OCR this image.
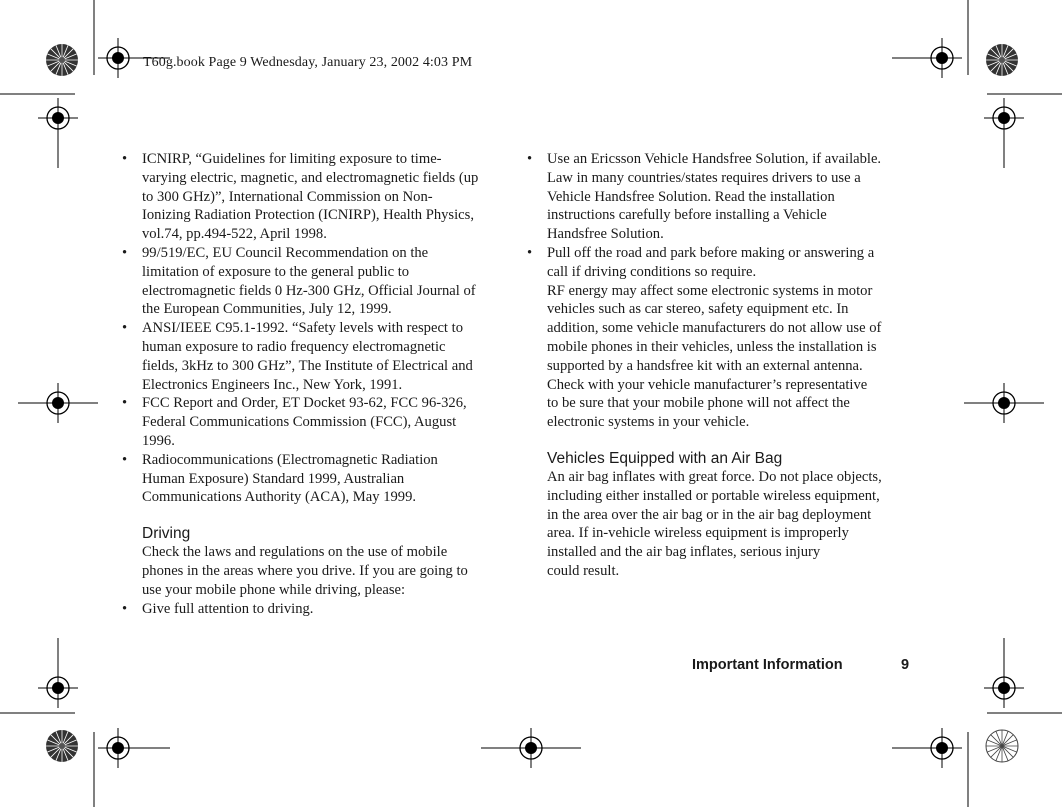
T60g.book Page 9 Wednesday, January 23, 2002 4:03 PM
• ICNIRP, “Guidelines for limiting exposure to time-
varying electric, magnetic, and electromagnetic fields (up
to 300 GHz)”, International Commission on Non-
Ionizing Radiation Protection (ICNIRP), Health Physics,
vol.74, pp.494-522, April 1998.
• 99/519/EC, EU Council Recommendation on the
limitation of exposure to the general public to
electromagnetic fields 0 Hz-300 GHz, Official Journal of
the European Communities, July 12, 1999.
• ANSI/IEEE C95.1-1992. “Safety levels with respect to
human exposure to radio frequency electromagnetic
fields, 3kHz to 300 GHz”, The Institute of Electrical and
Electronics Engineers Inc., New York, 1991.
• FCC Report and Order, ET Docket 93-62, FCC 96-326,
Federal Communications Commission (FCC), August
1996.
• Radiocommunications (Electromagnetic Radiation
Human Exposure) Standard 1999, Australian
Communications Authority (ACA), May 1999.
Driving
Check the laws and regulations on the use of mobile
phones in the areas where you drive. If you are going to
use your mobile phone while driving, please:
• Give full attention to driving.
• Use an Ericsson Vehicle Handsfree Solution, if available.
Law in many countries/states requires drivers to use a
Vehicle Handsfree Solution. Read the installation
instructions carefully before installing a Vehicle
Handsfree Solution.
• Pull off the road and park before making or answering a
call if driving conditions so require.
RF energy may affect some electronic systems in motor
vehicles such as car stereo, safety equipment etc. In
addition, some vehicle manufacturers do not allow use of
mobile phones in their vehicles, unless the installation is
supported by a handsfree kit with an external antenna.
Check with your vehicle manufacturer’s representative
to be sure that your mobile phone will not affect the
electronic systems in your vehicle.
Vehicles Equipped with an Air Bag
An air bag inflates with great force. Do not place objects,
including either installed or portable wireless equipment,
in the area over the air bag or in the air bag deployment
area. If in-vehicle wireless equipment is improperly
installed and the air bag inflates, serious injury
could result.
Important Information	9
